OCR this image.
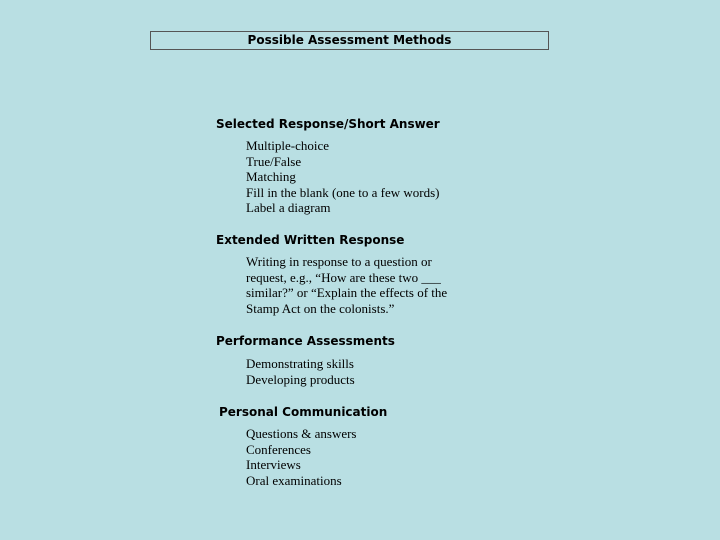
Possible Assessment Methods
Selected Response/Short Answer
Multiple-choice
True/False
Matching
Fill in the blank (one to a few words)
Label a diagram
Extended Written Response
Writing in response to a question or
request, e.g., “How are these two ___
similar?” or “Explain the effects of the
Stamp Act on the colonists.”
Performance Assessments
Demonstrating skills
Developing products
Personal Communication
Questions & answers
Conferences
Interviews
Oral examinations
